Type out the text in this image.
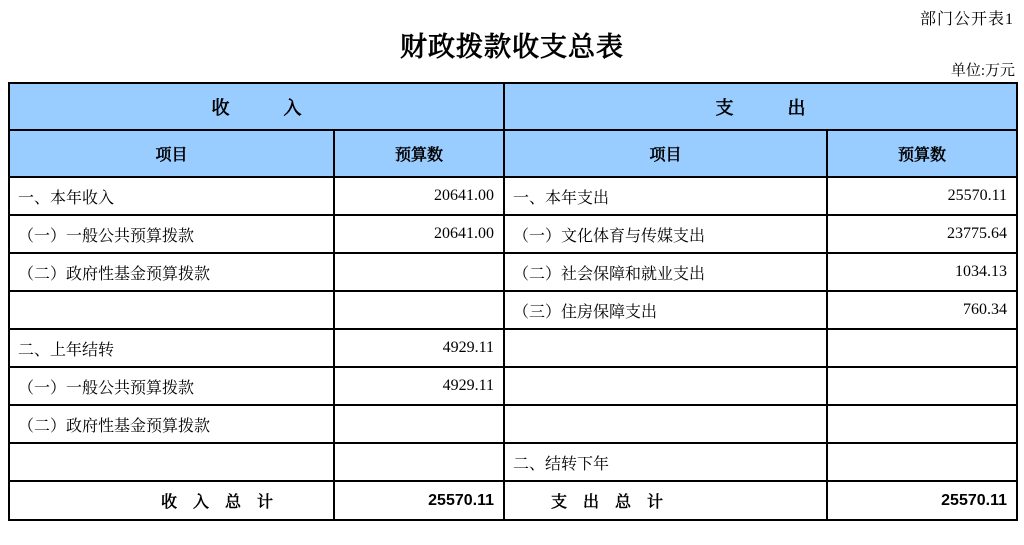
部门公开表1
财政拨款收支总表
单位:万元
收　　　入		支　　　出	
项目	预算数	项目	预算数
一、本年收入	20641.00	一、本年支出	25570.11
（一）一般公共预算拨款	20641.00	（一）文化体育与传媒支出	23775.64
（二）政府性基金预算拨款		（二）社会保障和就业支出	1034.13
		（三）住房保障支出	760.34
二、上年结转	4929.11		
（一）一般公共预算拨款	4929.11		
（二）政府性基金预算拨款			
		二、结转下年	
收　入　总　计	25570.11	支　出　总　计	25570.11
